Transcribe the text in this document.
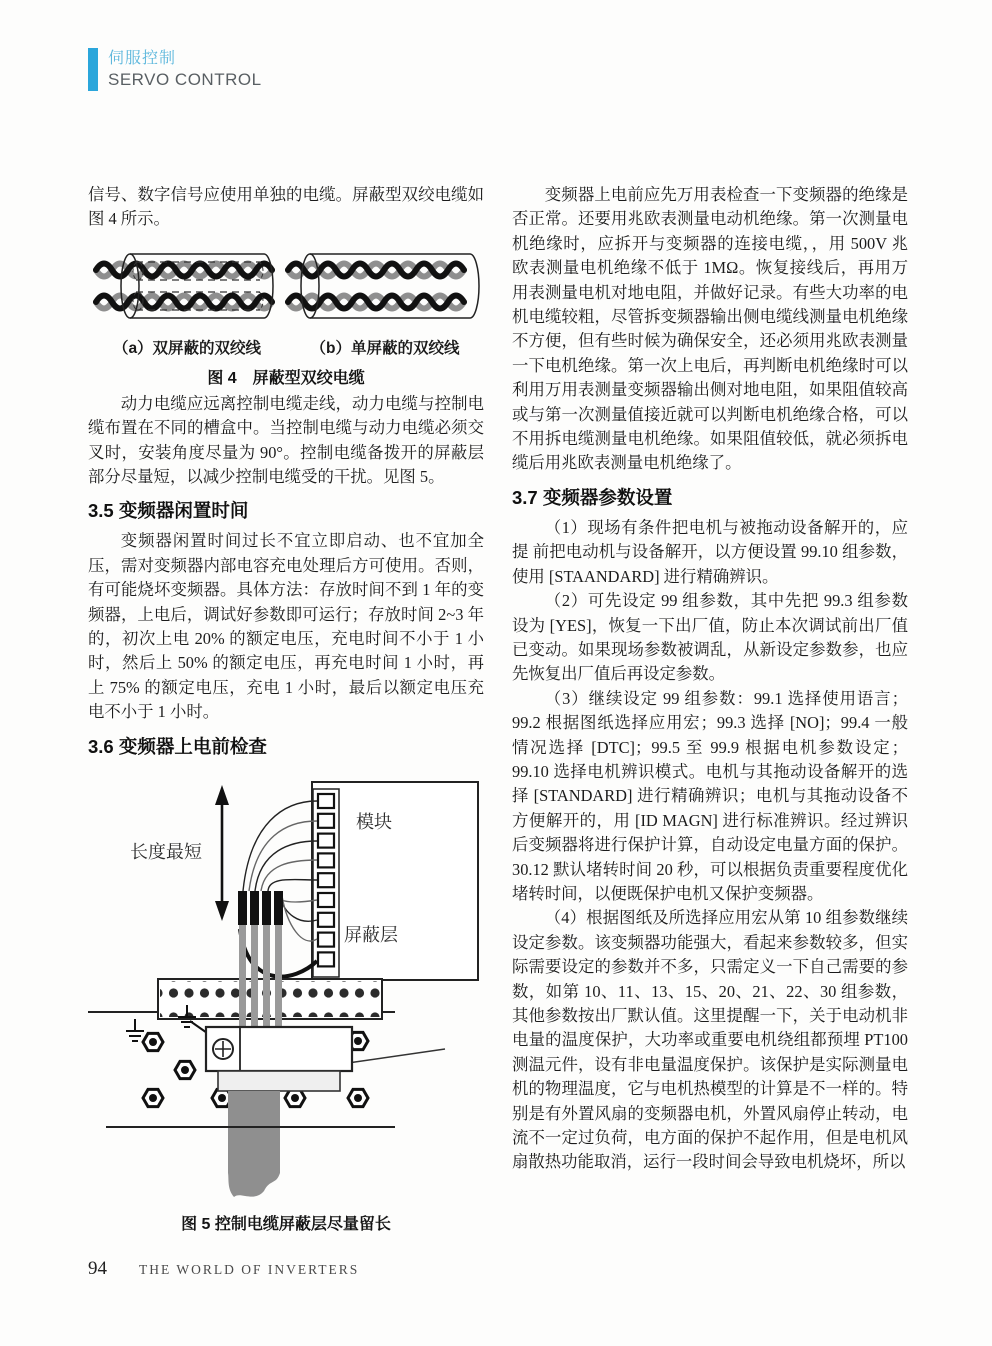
伺服控制
SERVO CONTROL

信号、数字信号应使用单独的电缆。屏蔽型双绞电缆如图 4 所示。

（a）双屏蔽的双绞线	（b）单屏蔽的双绞线
图 4　屏蔽型双绞电缆

动力电缆应远离控制电缆走线，动力电缆与控制电缆布置在不同的槽盒中。当控制电缆与动力电缆必须交叉时，安装角度尽量为 90°。控制电缆备拨开的屏蔽层部分尽量短，以减少控制电缆受的干扰。见图 5。

3.5 变频器闲置时间

变频器闲置时间过长不宜立即启动、也不宜加全压，需对变频器内部电容充电处理后方可使用。否则，有可能烧坏变频器。具体方法：存放时间不到 1 年的变频器，上电后，调试好参数即可运行；存放时间 2~3 年的，初次上电 20% 的额定电压，充电时间不小于 1 小时，然后上 50% 的额定电压，再充电时间 1 小时，再上 75% 的额定电压，充电 1 小时，最后以额定电压充电不小于 1 小时。

3.6 变频器上电前检查
模块
屏蔽层
长度最短
图 5 控制电缆屏蔽层尽量留长

变频器上电前应先万用表检查一下变频器的绝缘是否正常。还要用兆欧表测量电动机绝缘。第一次测量电机绝缘时，应拆开与变频器的连接电缆，，用 500V 兆欧表测量电机绝缘不低于 1MΩ。恢复接线后，再用万用表测量电机对地电阻，并做好记录。有些大功率的电机电缆较粗，尽管拆变频器输出侧电缆线测量电机绝缘不方便，但有些时候为确保安全，还必须用兆欧表测量一下电机绝缘。第一次上电后，再判断电机绝缘时可以利用万用表测量变频器输出侧对地电阻，如果阻值较高或与第一次测量值接近就可以判断电机绝缘合格，可以不用拆电缆测量电机绝缘。如果阻值较低，就必须拆电缆后用兆欧表测量电机绝缘了。

3.7 变频器参数设置

（1）现场有条件把电机与被拖动设备解开的，应提 前把电动机与设备解开，以方便设置 99.10 组参数，使用 [STAANDARD] 进行精确辨识。

（2）可先设定 99 组参数，其中先把 99.3 组参数设为 [YES]，恢复一下出厂值，防止本次调试前出厂值已变动。如果现场参数被调乱，从新设定参数参，也应先恢复出厂值后再设定参数。

（3）继续设定 99 组参数：99.1 选择使用语言；99.2 根据图纸选择应用宏；99.3 选择 [NO]；99.4 一般情况选择 [DTC]；99.5 至 99.9 根据电机参数设定；99.10 选择电机辨识模式。电机与其拖动设备解开的选择 [STANDARD] 进行精确辨识；电机与其拖动设备不方便解开的，用 [ID MAGN] 进行标准辨识。经过辨识后变频器将进行保护计算，自动设定电量方面的保护。30.12 默认堵转时间 20 秒，可以根据负责重要程度优化堵转时间，以便既保护电机又保护变频器。

（4）根据图纸及所选择应用宏从第 10 组参数继续设定参数。该变频器功能强大，看起来参数较多，但实际需要设定的参数并不多，只需定义一下自己需要的参数，如第 10、11、13、15、20、21、22、30 组参数，其他参数按出厂默认值。这里提醒一下，关于电动机非电量的温度保护，大功率或重要电机绕组都预埋 PT100 测温元件，设有非电量温度保护。该保护是实际测量电机的物理温度，它与电机热模型的计算是不一样的。特别是有外置风扇的变频器电机，外置风扇停止转动，电流不一定过负荷，电方面的保护不起作用，但是电机风扇散热功能取消，运行一段时间会导致电机烧坏，所以

94 THE WORLD OF INVERTERS
